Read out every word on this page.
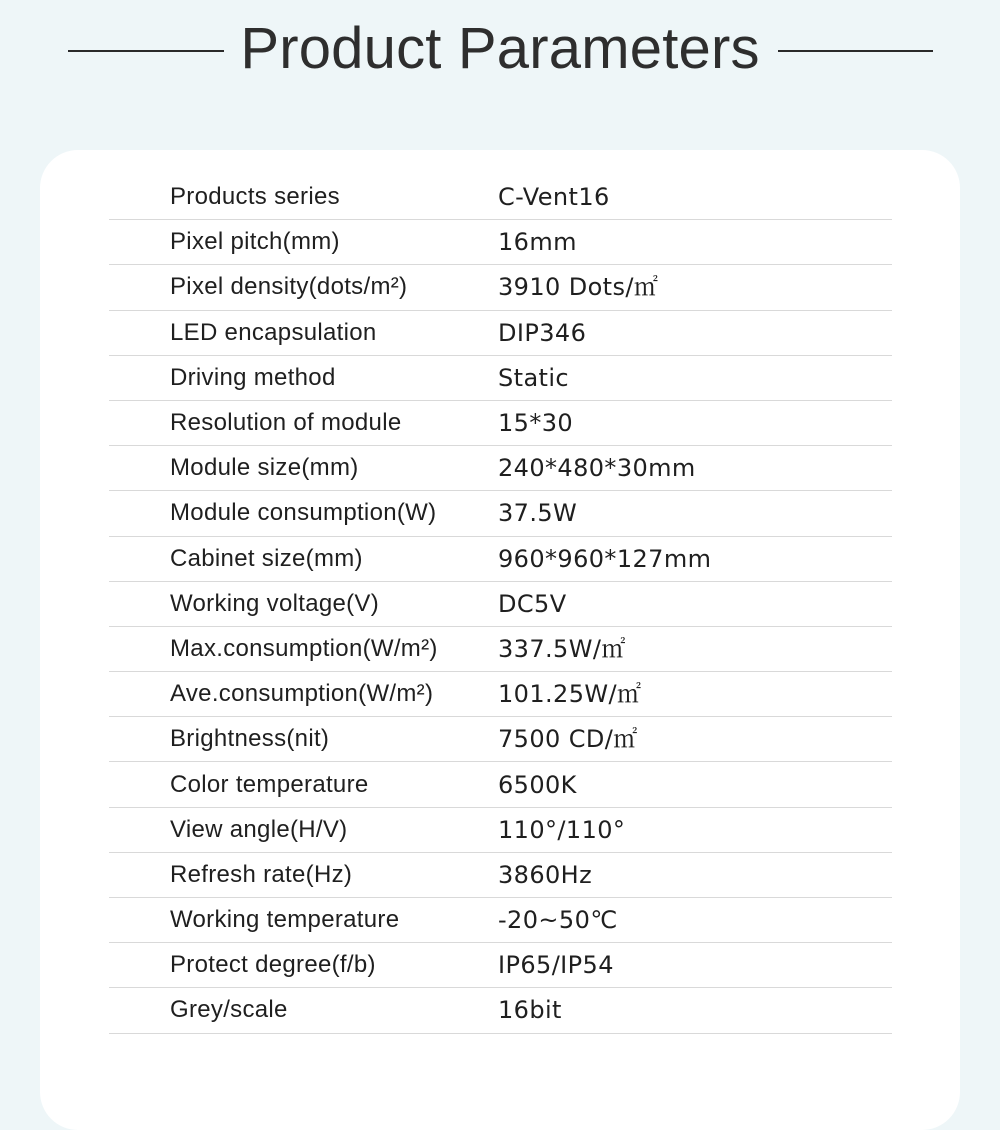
Product Parameters
Products series	C-Vent16
Pixel pitch(mm)	16mm
Pixel density(dots/m²)	3910 Dots/㎡
LED encapsulation	DIP346
Driving method	Static
Resolution of module	15*30
Module size(mm)	240*480*30mm
Module consumption(W)	37.5W
Cabinet size(mm)	960*960*127mm
Working voltage(V)	DC5V
Max.consumption(W/m²)	337.5W/㎡
Ave.consumption(W/m²)	101.25W/㎡
Brightness(nit)	7500 CD/㎡
Color temperature	6500K
View angle(H/V)	110°/110°
Refresh rate(Hz)	3860Hz
Working temperature	-20~50℃
Protect degree(f/b)	IP65/IP54
Grey/scale	16bit
